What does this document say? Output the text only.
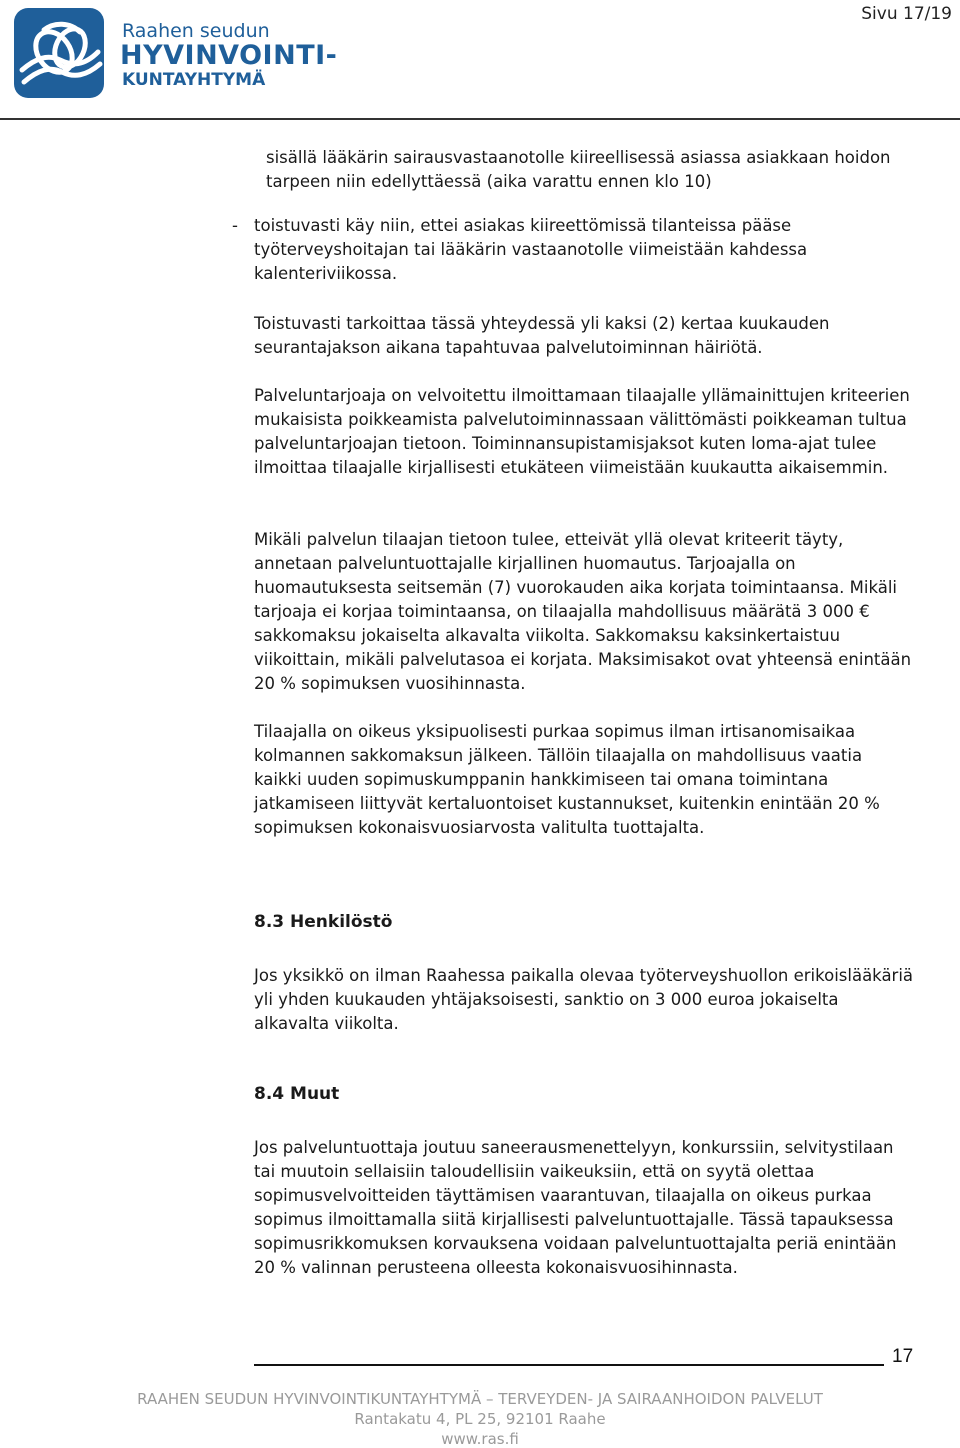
Raahen seudun
HYVINVOINTI-
KUNTAYHTYMÄ
Sivu 17/19

sisällä lääkärin sairausvastaanotolle kiireellisessä asiassa asiakkaan hoidon tarpeen niin edellyttäessä (aika varattu ennen klo 10)

- toistuvasti käy niin, ettei asiakas kiireettömissä tilanteissa pääse työterveyshoitajan tai lääkärin vastaanotolle viimeistään kahdessa kalenteriviikossa.

Toistuvasti tarkoittaa tässä yhteydessä yli kaksi (2) kertaa kuukauden seurantajakson aikana tapahtuvaa palvelutoiminnan häiriötä.

Palveluntarjoaja on velvoitettu ilmoittamaan tilaajalle yllämainittujen kriteerien mukaisista poikkeamista palvelutoiminnassaan välittömästi poikkeaman tultua palveluntarjoajan tietoon. Toiminnansupistamisjaksot kuten loma-ajat tulee ilmoittaa tilaajalle kirjallisesti etukäteen viimeistään kuukautta aikaisemmin.

Mikäli palvelun tilaajan tietoon tulee, etteivät yllä olevat kriteerit täyty, annetaan palveluntuottajalle kirjallinen huomautus. Tarjoajalla on huomautuksesta seitsemän (7) vuorokauden aika korjata toimintaansa. Mikäli tarjoaja ei korjaa toimintaansa, on tilaajalla mahdollisuus määrätä 3 000 € sakkomaksu jokaiselta alkavalta viikolta. Sakkomaksu kaksinkertaistuu viikoittain, mikäli palvelutasoa ei korjata. Maksimisakot ovat yhteensä enintään 20 % sopimuksen vuosihinnasta.

Tilaajalla on oikeus yksipuolisesti purkaa sopimus ilman irtisanomisaikaa kolmannen sakkomaksun jälkeen. Tällöin tilaajalla on mahdollisuus vaatia kaikki uuden sopimuskumppanin hankkimiseen tai omana toimintana jatkamiseen liittyvät kertaluontoiset kustannukset, kuitenkin enintään 20 % sopimuksen kokonaisvuosiarvosta valitulta tuottajalta.

8.3 Henkilöstö

Jos yksikkö on ilman Raahessa paikalla olevaa työterveyshuollon erikoislääkäriä yli yhden kuukauden yhtäjaksoisesti, sanktio on 3 000 euroa jokaiselta alkavalta viikolta.

8.4 Muut

Jos palveluntuottaja joutuu saneerausmenettelyyn, konkurssiin, selvitystilaan tai muutoin sellaisiin taloudellisiin vaikeuksiin, että on syytä olettaa sopimusvelvoitteiden täyttämisen vaarantuvan, tilaajalla on oikeus purkaa sopimus ilmoittamalla siitä kirjallisesti palveluntuottajalle. Tässä tapauksessa sopimusrikkomuksen korvauksena voidaan palveluntuottajalta periä enintään 20 % valinnan perusteena olleesta kokonaisvuosihinnasta.

17
RAAHEN SEUDUN HYVINVOINTIKUNTAYHTYMÄ – TERVEYDEN- JA SAIRAANHOIDON PALVELUT
Rantakatu 4, PL 25, 92101 Raahe
www.ras.fi
